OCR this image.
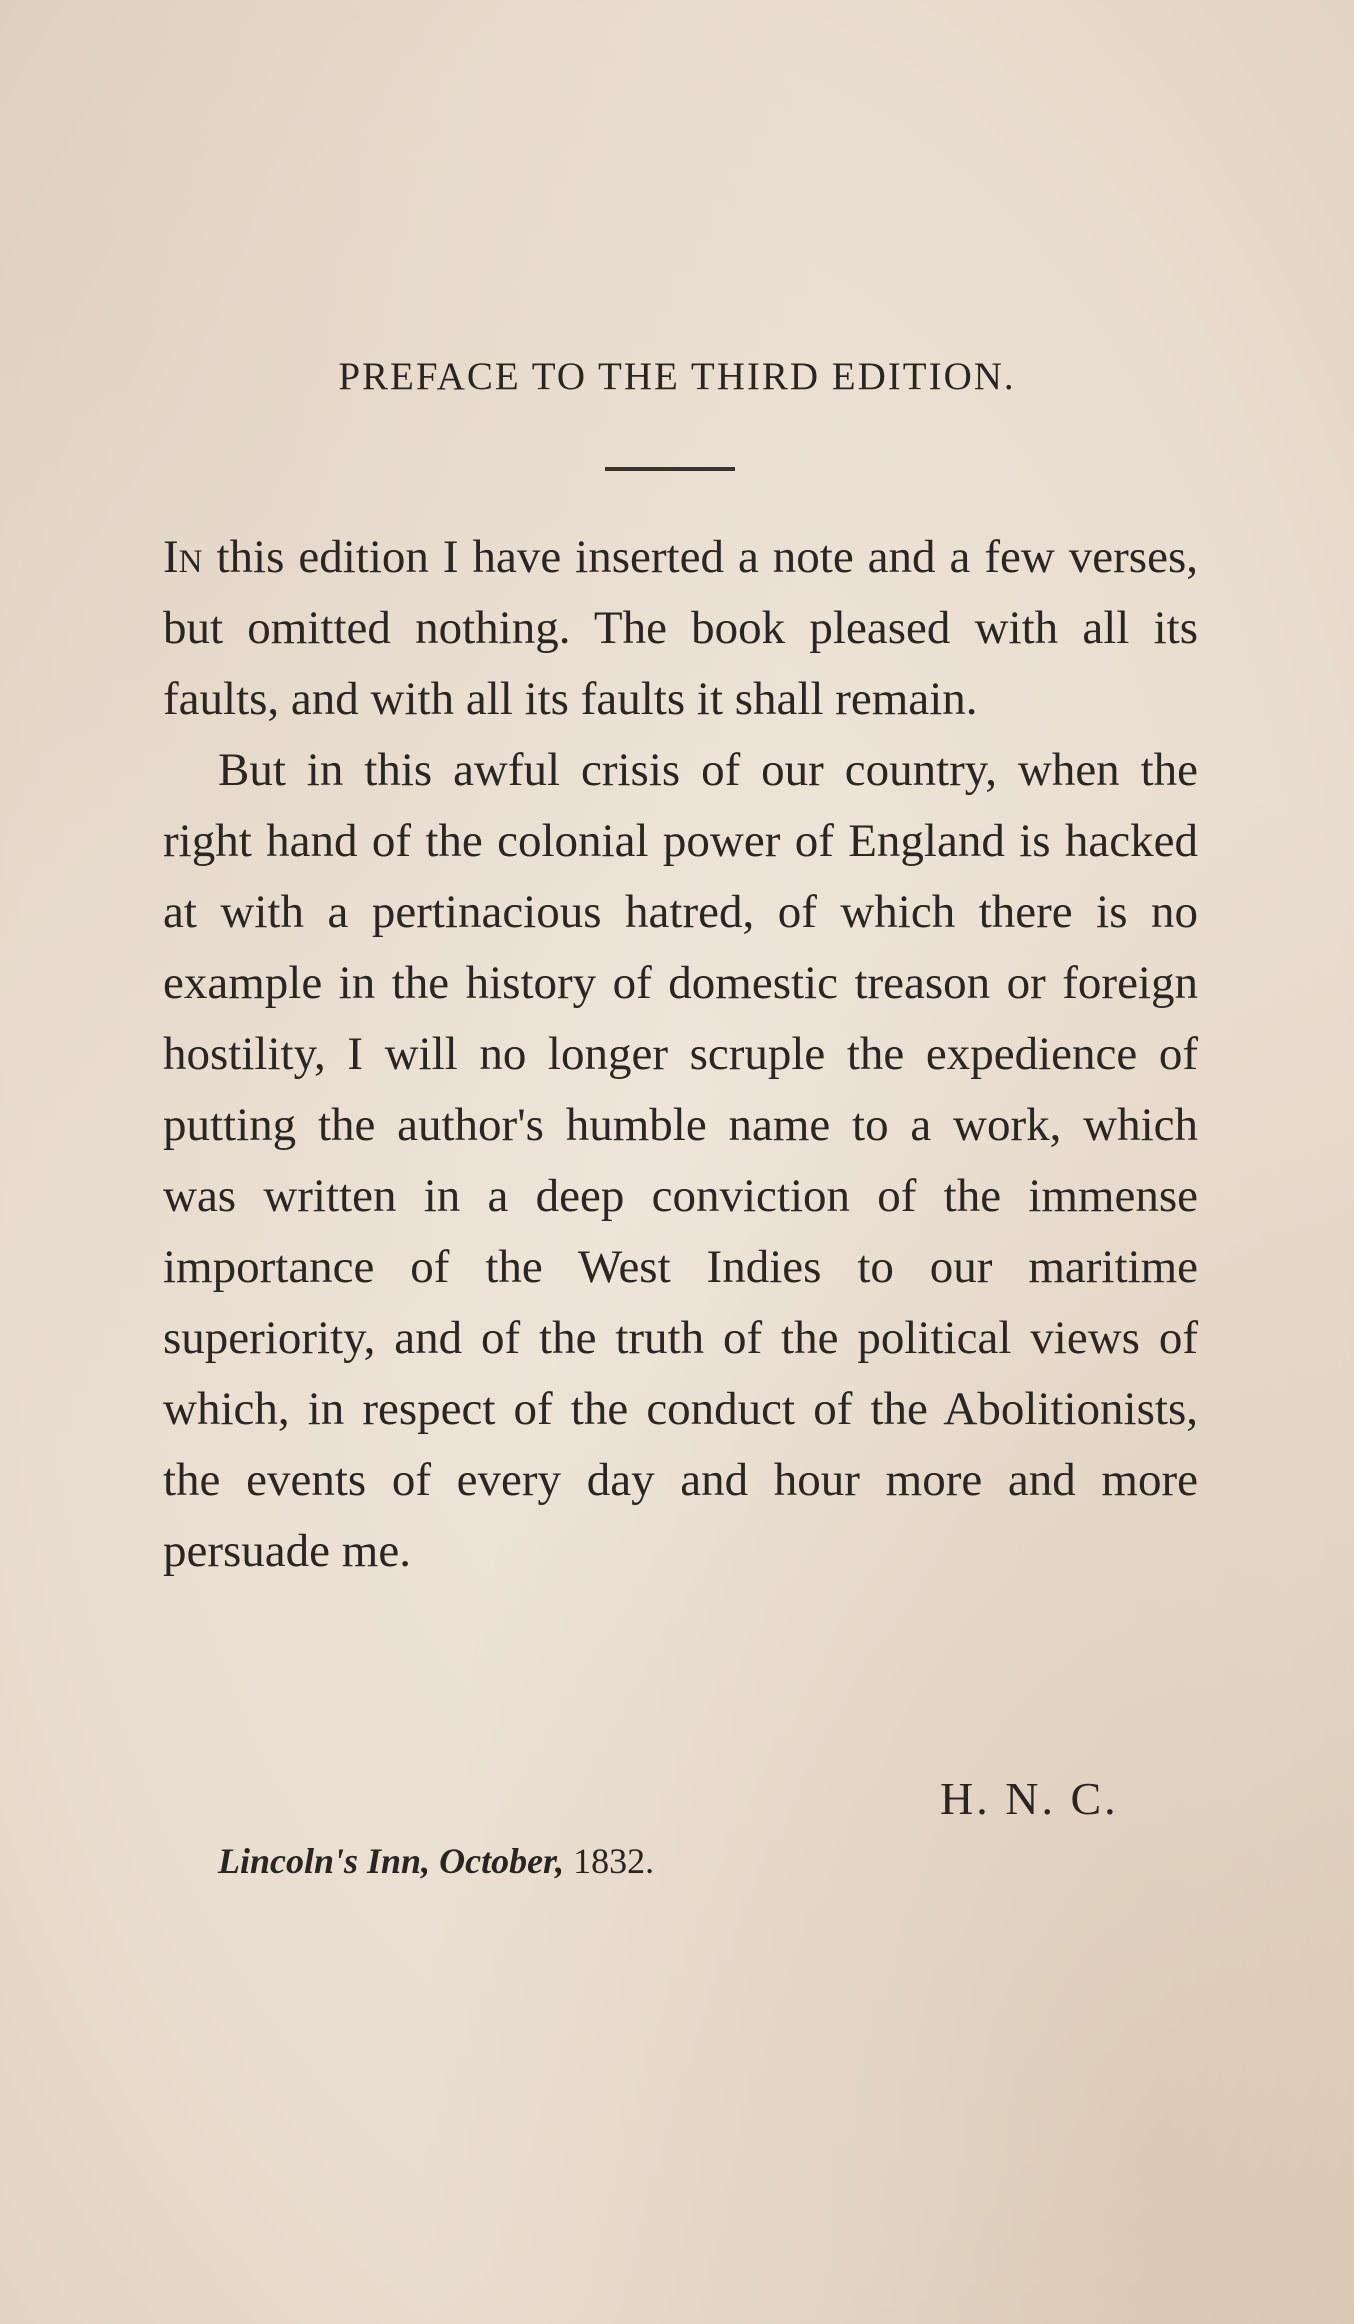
PREFACE TO THE THIRD EDITION.

In this edition I have inserted a note and a few verses, but omitted nothing. The book pleased with all its faults, and with all its faults it shall remain.

But in this awful crisis of our country, when the right hand of the colonial power of England is hacked at with a pertinacious hatred, of which there is no example in the history of domestic treason or foreign hostility, I will no longer scruple the expedience of putting the author's humble name to a work, which was written in a deep conviction of the immense importance of the West Indies to our maritime superiority, and of the truth of the political views of which, in respect of the conduct of the Abolitionists, the events of every day and hour more and more persuade me.

H. N. C.
Lincoln's Inn, October, 1832.
